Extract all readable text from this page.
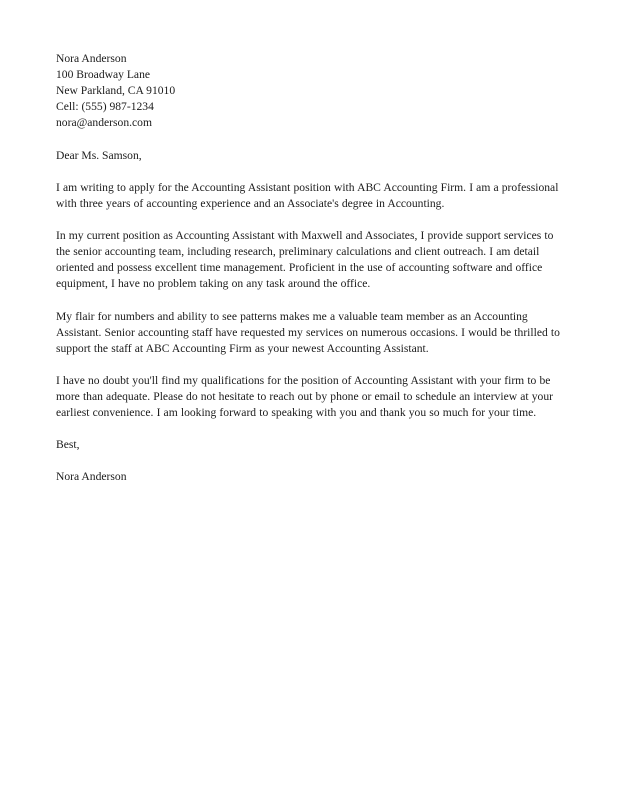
Nora Anderson
100 Broadway Lane
New Parkland, CA 91010
Cell: (555) 987-1234
nora@anderson.com
Dear Ms. Samson,

I am writing to apply for the Accounting Assistant position with ABC Accounting Firm. I am a professional with three years of accounting experience and an Associate's degree in Accounting.

In my current position as Accounting Assistant with Maxwell and Associates, I provide support services to the senior accounting team, including research, preliminary calculations and client outreach. I am detail oriented and possess excellent time management. Proficient in the use of accounting software and office equipment, I have no problem taking on any task around the office.

My flair for numbers and ability to see patterns makes me a valuable team member as an Accounting Assistant. Senior accounting staff have requested my services on numerous occasions. I would be thrilled to support the staff at ABC Accounting Firm as your newest Accounting Assistant.

I have no doubt you'll find my qualifications for the position of Accounting Assistant with your firm to be more than adequate. Please do not hesitate to reach out by phone or email to schedule an interview at your earliest convenience. I am looking forward to speaking with you and thank you so much for your time.

Best,
Nora Anderson
